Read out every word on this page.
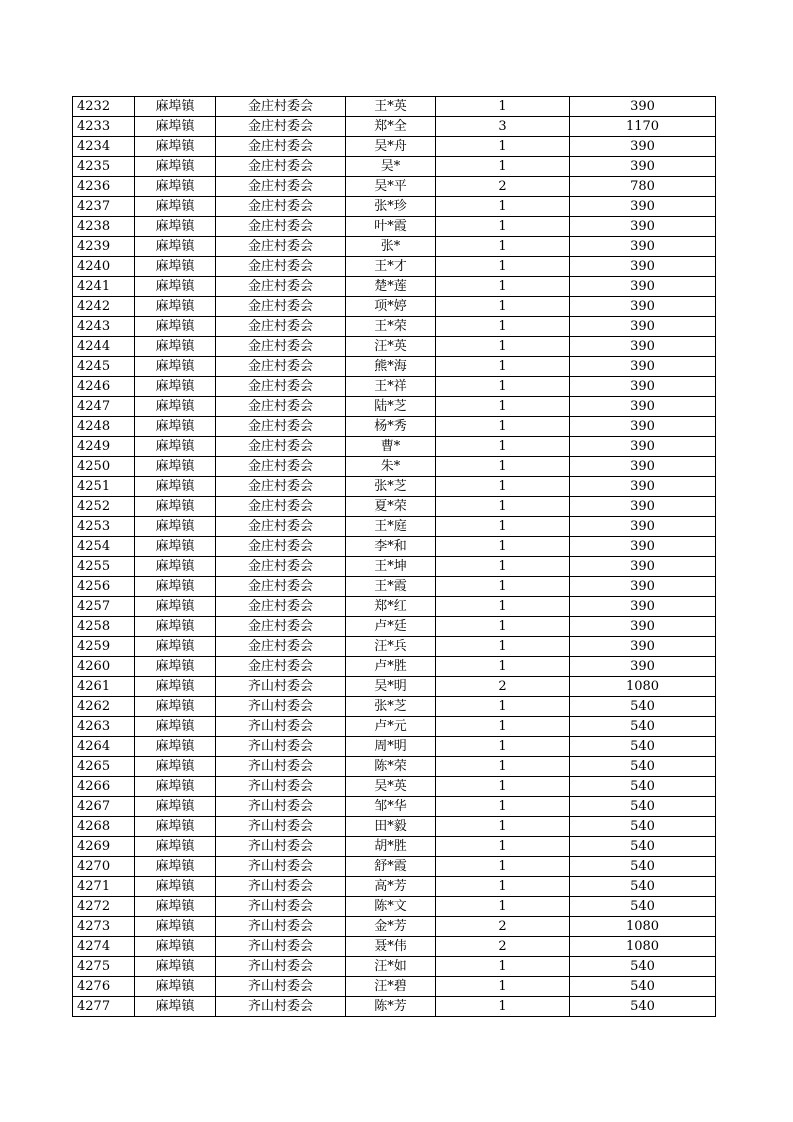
4232	麻埠镇	金庄村委会	王*英	1	390
4233	麻埠镇	金庄村委会	郑*全	3	1170
4234	麻埠镇	金庄村委会	吴*舟	1	390
4235	麻埠镇	金庄村委会	吴*	1	390
4236	麻埠镇	金庄村委会	吴*平	2	780
4237	麻埠镇	金庄村委会	张*珍	1	390
4238	麻埠镇	金庄村委会	叶*霞	1	390
4239	麻埠镇	金庄村委会	张*	1	390
4240	麻埠镇	金庄村委会	王*才	1	390
4241	麻埠镇	金庄村委会	楚*莲	1	390
4242	麻埠镇	金庄村委会	项*婷	1	390
4243	麻埠镇	金庄村委会	王*荣	1	390
4244	麻埠镇	金庄村委会	汪*英	1	390
4245	麻埠镇	金庄村委会	熊*海	1	390
4246	麻埠镇	金庄村委会	王*祥	1	390
4247	麻埠镇	金庄村委会	陆*芝	1	390
4248	麻埠镇	金庄村委会	杨*秀	1	390
4249	麻埠镇	金庄村委会	曹*	1	390
4250	麻埠镇	金庄村委会	朱*	1	390
4251	麻埠镇	金庄村委会	张*芝	1	390
4252	麻埠镇	金庄村委会	夏*荣	1	390
4253	麻埠镇	金庄村委会	王*庭	1	390
4254	麻埠镇	金庄村委会	李*和	1	390
4255	麻埠镇	金庄村委会	王*坤	1	390
4256	麻埠镇	金庄村委会	王*霞	1	390
4257	麻埠镇	金庄村委会	郑*红	1	390
4258	麻埠镇	金庄村委会	卢*廷	1	390
4259	麻埠镇	金庄村委会	汪*兵	1	390
4260	麻埠镇	金庄村委会	卢*胜	1	390
4261	麻埠镇	齐山村委会	吴*明	2	1080
4262	麻埠镇	齐山村委会	张*芝	1	540
4263	麻埠镇	齐山村委会	卢*元	1	540
4264	麻埠镇	齐山村委会	周*明	1	540
4265	麻埠镇	齐山村委会	陈*荣	1	540
4266	麻埠镇	齐山村委会	吴*英	1	540
4267	麻埠镇	齐山村委会	邹*华	1	540
4268	麻埠镇	齐山村委会	田*毅	1	540
4269	麻埠镇	齐山村委会	胡*胜	1	540
4270	麻埠镇	齐山村委会	舒*霞	1	540
4271	麻埠镇	齐山村委会	高*芳	1	540
4272	麻埠镇	齐山村委会	陈*文	1	540
4273	麻埠镇	齐山村委会	金*芳	2	1080
4274	麻埠镇	齐山村委会	聂*伟	2	1080
4275	麻埠镇	齐山村委会	汪*如	1	540
4276	麻埠镇	齐山村委会	汪*碧	1	540
4277	麻埠镇	齐山村委会	陈*芳	1	540
